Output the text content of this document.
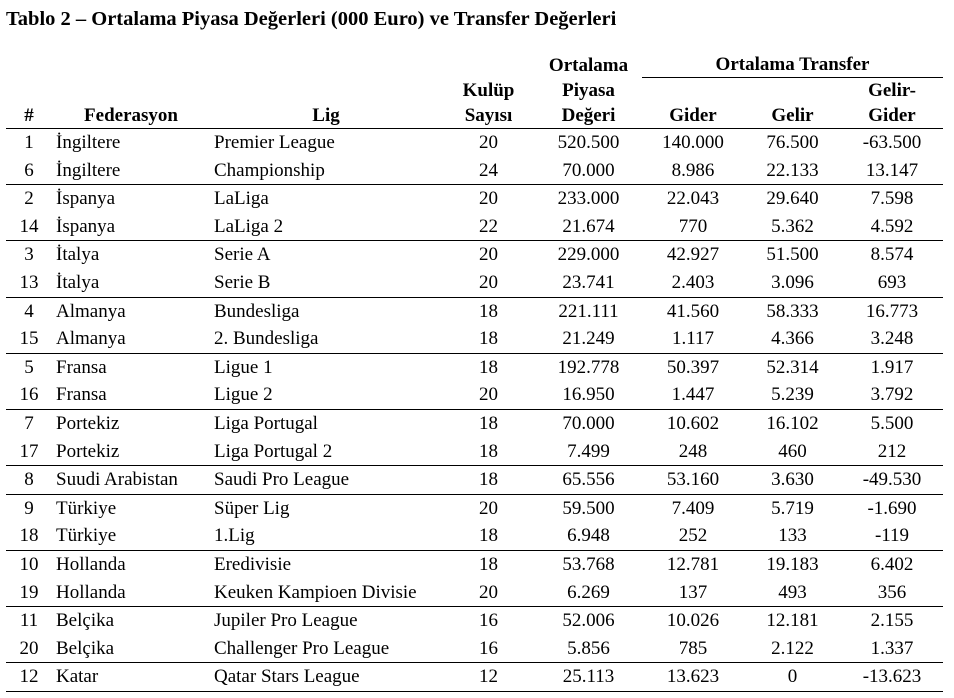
Tablo 2 – Ortalama Piyasa Değerleri (000 Euro) ve Transfer Değerleri
				Ortalama	Ortalama Transfer		
			Kulüp	Piyasa			Gelir-
#	Federasyon	Lig	Sayısı	Değeri	Gider	Gelir	Gider
1	İngiltere	Premier League	20	520.500	140.000	76.500	-63.500
6	İngiltere	Championship	24	70.000	8.986	22.133	13.147
2	İspanya	LaLiga	20	233.000	22.043	29.640	7.598
14	İspanya	LaLiga 2	22	21.674	770	5.362	4.592
3	İtalya	Serie A	20	229.000	42.927	51.500	8.574
13	İtalya	Serie B	20	23.741	2.403	3.096	693
4	Almanya	Bundesliga	18	221.111	41.560	58.333	16.773
15	Almanya	2. Bundesliga	18	21.249	1.117	4.366	3.248
5	Fransa	Ligue 1	18	192.778	50.397	52.314	1.917
16	Fransa	Ligue 2	20	16.950	1.447	5.239	3.792
7	Portekiz	Liga Portugal	18	70.000	10.602	16.102	5.500
17	Portekiz	Liga Portugal 2	18	7.499	248	460	212
8	Suudi Arabistan	Saudi Pro League	18	65.556	53.160	3.630	-49.530
9	Türkiye	Süper Lig	20	59.500	7.409	5.719	-1.690
18	Türkiye	1.Lig	18	6.948	252	133	-119
10	Hollanda	Eredivisie	18	53.768	12.781	19.183	6.402
19	Hollanda	Keuken Kampioen Divisie	20	6.269	137	493	356
11	Belçika	Jupiler Pro League	16	52.006	10.026	12.181	2.155
20	Belçika	Challenger Pro League	16	5.856	785	2.122	1.337
12	Katar	Qatar Stars League	12	25.113	13.623	0	-13.623
